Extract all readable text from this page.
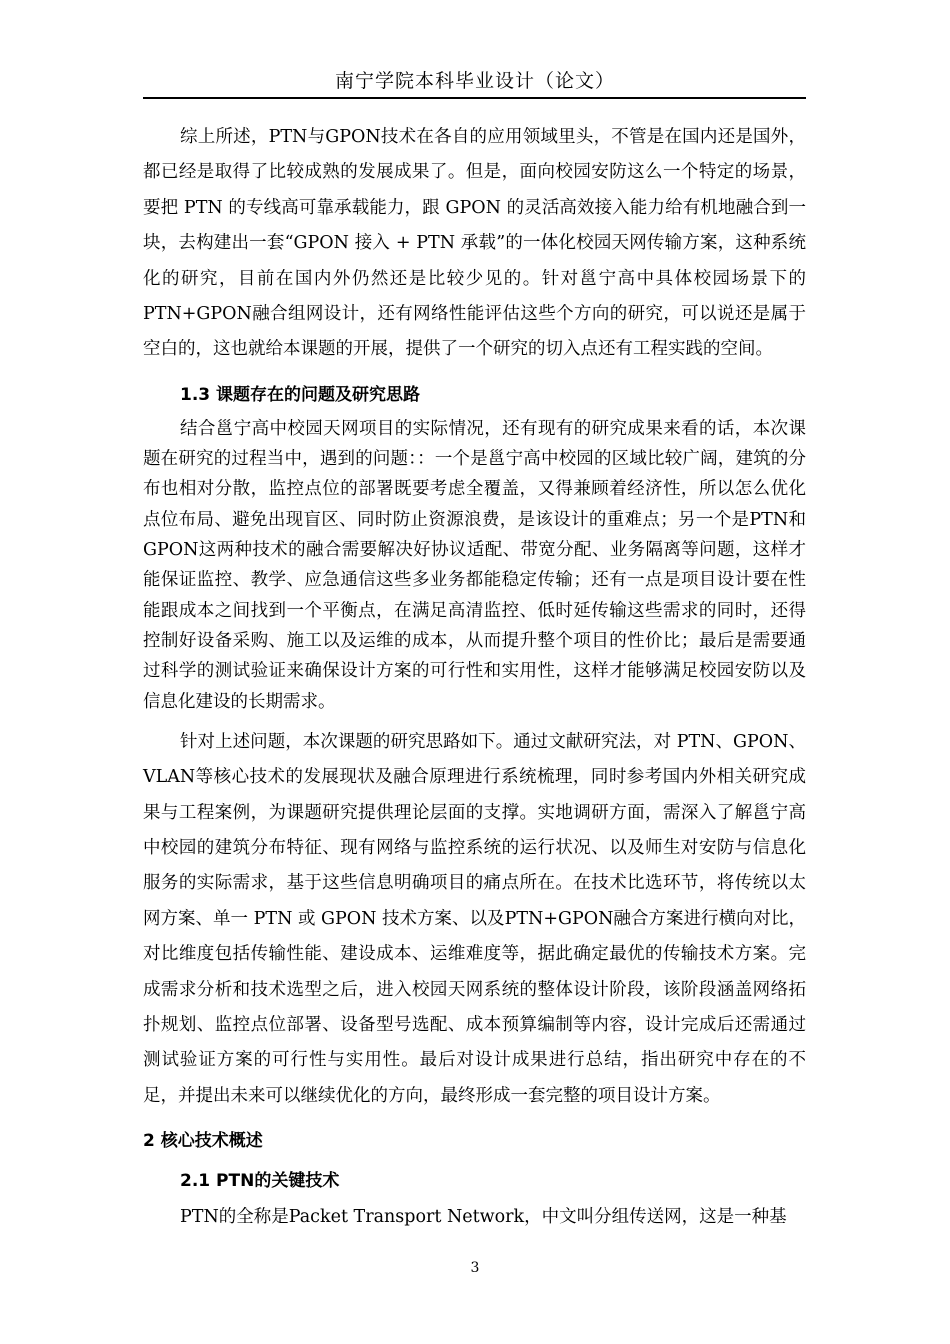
南宁学院本科毕业设计（论文）

综上所述，PTN与GPON技术在各自的应用领域里头，不管是在国内还是国外，都已经是取得了比较成熟的发展成果了。但是，面向校园安防这么一个特定的场景，要把 PTN 的专线高可靠承载能力，跟 GPON 的灵活高效接入能力给有机地融合到一块，去构建出一套“GPON 接入 + PTN 承载”的一体化校园天网传输方案，这种系统化的研究，目前在国内外仍然还是比较少见的。针对邕宁高中具体校园场景下的PTN+GPON融合组网设计，还有网络性能评估这些个方向的研究，可以说还是属于空白的，这也就给本课题的开展，提供了一个研究的切入点还有工程实践的空间。

1.3 课题存在的问题及研究思路

结合邕宁高中校园天网项目的实际情况，还有现有的研究成果来看的话，本次课题在研究的过程当中，遇到的问题：：一个是邕宁高中校园的区域比较广阔，建筑的分布也相对分散，监控点位的部署既要考虑全覆盖，又得兼顾着经济性，所以怎么优化点位布局、避免出现盲区、同时防止资源浪费，是该设计的重难点；另一个是PTN和GPON这两种技术的融合需要解决好协议适配、带宽分配、业务隔离等问题，这样才能保证监控、教学、应急通信这些多业务都能稳定传输；还有一点是项目设计要在性能跟成本之间找到一个平衡点，在满足高清监控、低时延传输这些需求的同时，还得控制好设备采购、施工以及运维的成本，从而提升整个项目的性价比；最后是需要通过科学的测试验证来确保设计方案的可行性和实用性，这样才能够满足校园安防以及信息化建设的长期需求。

针对上述问题，本次课题的研究思路如下。通过文献研究法，对 PTN、GPON、VLAN等核心技术的发展现状及融合原理进行系统梳理，同时参考国内外相关研究成果与工程案例，为课题研究提供理论层面的支撑。实地调研方面，需深入了解邕宁高中校园的建筑分布特征、现有网络与监控系统的运行状况、以及师生对安防与信息化服务的实际需求，基于这些信息明确项目的痛点所在。在技术比选环节，将传统以太网方案、单一 PTN 或 GPON 技术方案、以及PTN+GPON融合方案进行横向对比，对比维度包括传输性能、建设成本、运维难度等，据此确定最优的传输技术方案。完成需求分析和技术选型之后，进入校园天网系统的整体设计阶段，该阶段涵盖网络拓扑规划、监控点位部署、设备型号选配、成本预算编制等内容，设计完成后还需通过测试验证方案的可行性与实用性。最后对设计成果进行总结，指出研究中存在的不足，并提出未来可以继续优化的方向，最终形成一套完整的项目设计方案。

2 核心技术概述
2.1 PTN的关键技术

PTN的全称是Packet Transport Network，中文叫分组传送网，这是一种基

3
